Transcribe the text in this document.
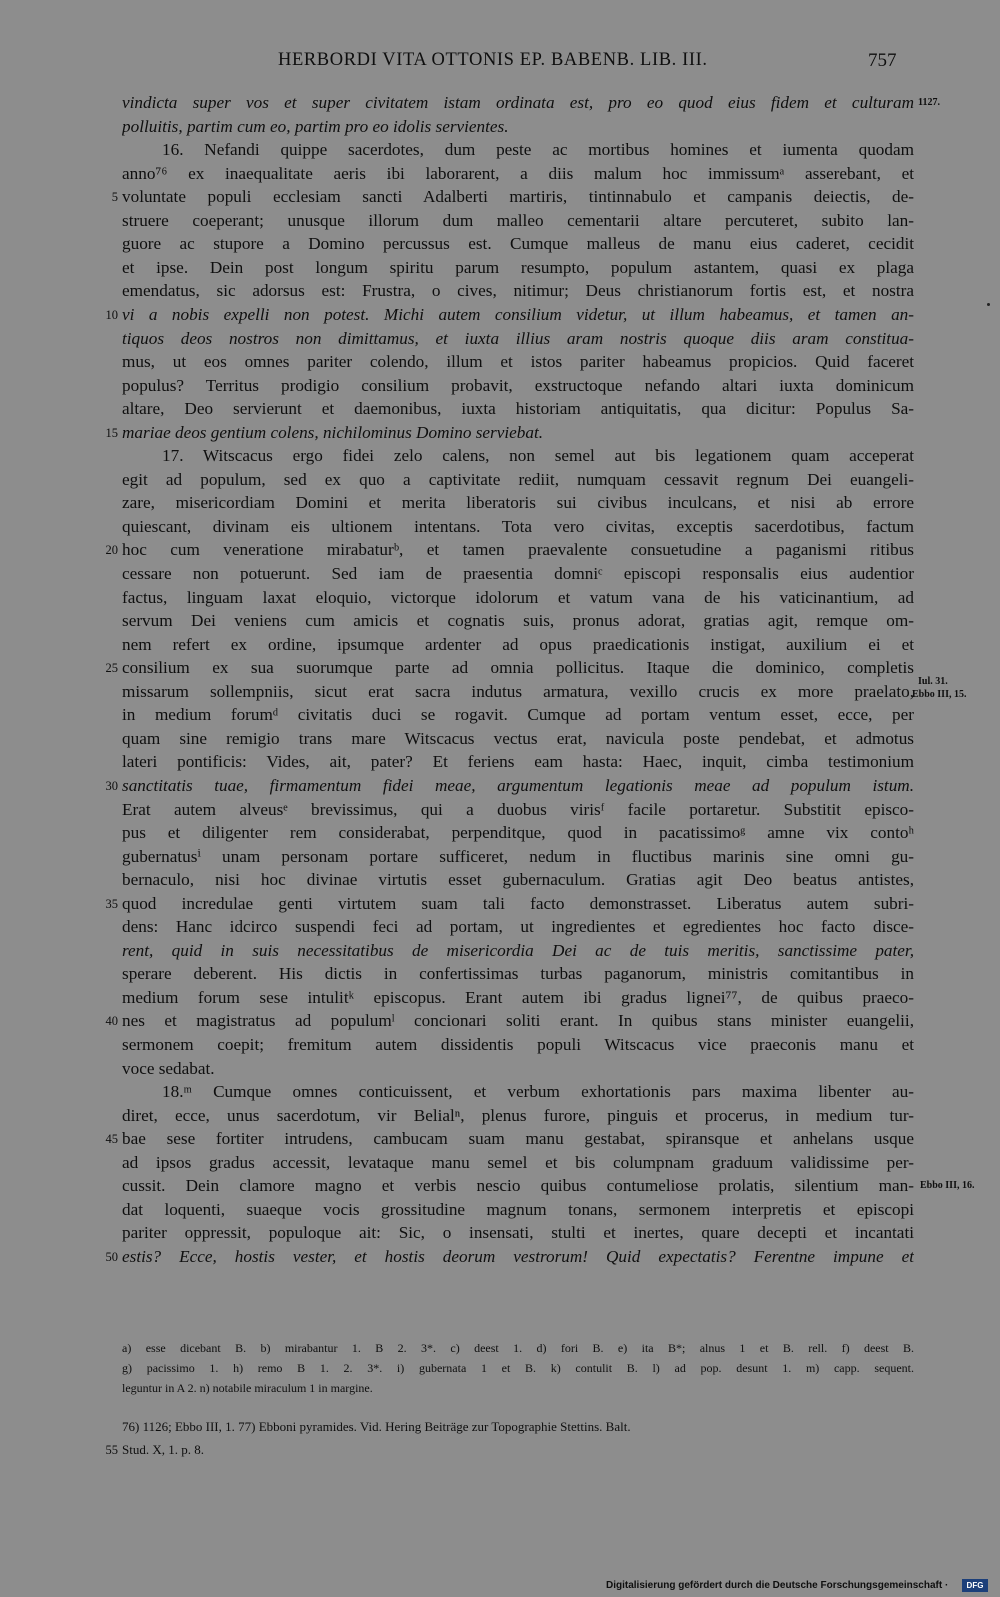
HERBORDI VITA OTTONIS EP. BABENB. LIB. III.	757
vindicta super vos et super civitatem istam ordinata est, pro eo quod eius fidem et culturam
polluitis, partim cum eo, partim pro eo idolis servientes.
16. Nefandi quippe sacerdotes, dum peste ac mortibus homines et iumenta quodam
anno⁷⁶ ex inaequalitate aeris ibi laborarent, a diis malum hoc immissumᵃ asserebant, et
voluntate populi ecclesiam sancti Adalberti martiris, tintinnabulo et campanis deiectis, de-
5
struere coeperant; unusque illorum dum malleo cementarii altare percuteret, subito lan-
guore ac stupore a Domino percussus est. Cumque malleus de manu eius caderet, cecidit
et ipse. Dein post longum spiritu parum resumpto, populum astantem, quasi ex plaga
emendatus, sic adorsus est: Frustra, o cives, nitimur; Deus christianorum fortis est, et nostra
vi a nobis expelli non potest. Michi autem consilium videtur, ut illum habeamus, et tamen an-
10
tiquos deos nostros non dimittamus, et iuxta illius aram nostris quoque diis aram constitua-
mus, ut eos omnes pariter colendo, illum et istos pariter habeamus propicios. Quid faceret
populus? Territus prodigio consilium probavit, exstructoque nefando altari iuxta dominicum
altare, Deo servierunt et daemonibus, iuxta historiam antiquitatis, qua dicitur: Populus Sa-
mariae deos gentium colens, nichilominus Domino serviebat.
15
17. Witscacus ergo fidei zelo calens, non semel aut bis legationem quam acceperat
egit ad populum, sed ex quo a captivitate rediit, numquam cessavit regnum Dei euangeli-
zare, misericordiam Domini et merita liberatoris sui civibus inculcans, et nisi ab errore
quiescant, divinam eis ultionem intentans. Tota vero civitas, exceptis sacerdotibus, factum
hoc cum veneratione mirabaturᵇ, et tamen praevalente consuetudine a paganismi ritibus
20
cessare non potuerunt. Sed iam de praesentia domniᶜ episcopi responsalis eius audentior
factus, linguam laxat eloquio, victorque idolorum et vatum vana de his vaticinantium, ad
servum Dei veniens cum amicis et cognatis suis, pronus adorat, gratias agit, remque om-
nem refert ex ordine, ipsumque ardenter ad opus praedicationis instigat, auxilium ei et
consilium ex sua suorumque parte ad omnia pollicitus. Itaque die dominico, completis
25
missarum sollempniis, sicut erat sacra indutus armatura, vexillo crucis ex more praelato,
in medium forumᵈ civitatis duci se rogavit. Cumque ad portam ventum esset, ecce, per
quam sine remigio trans mare Witscacus vectus erat, navicula poste pendebat, et admotus
lateri pontificis: Vides, ait, pater? Et feriens eam hasta: Haec, inquit, cimba testimonium
sanctitatis tuae, firmamentum fidei meae, argumentum legationis meae ad populum istum.
30
Erat autem alveusᵉ brevissimus, qui a duobus virisᶠ facile portaretur. Substitit episco-
pus et diligenter rem considerabat, perpenditque, quod in pacatissimoᵍ amne vix contoʰ
gubernatusⁱ unam personam portare sufficeret, nedum in fluctibus marinis sine omni gu-
bernaculo, nisi hoc divinae virtutis esset gubernaculum. Gratias agit Deo beatus antistes,
quod incredulae genti virtutem suam tali facto demonstrasset. Liberatus autem subri-
35
dens: Hanc idcirco suspendi feci ad portam, ut ingredientes et egredientes hoc facto disce-
rent, quid in suis necessitatibus de misericordia Dei ac de tuis meritis, sanctissime pater,
sperare deberent. His dictis in confertissimas turbas paganorum, ministris comitantibus in
medium forum sese intulitᵏ episcopus. Erant autem ibi gradus lignei⁷⁷, de quibus praeco-
nes et magistratus ad populumˡ concionari soliti erant. In quibus stans minister euangelii,
40
sermonem coepit; fremitum autem dissidentis populi Witscacus vice praeconis manu et
voce sedabat.
18.ᵐ Cumque omnes conticuissent, et verbum exhortationis pars maxima libenter au-
diret, ecce, unus sacerdotum, vir Belialⁿ, plenus furore, pinguis et procerus, in medium tur-
bae sese fortiter intrudens, cambucam suam manu gestabat, spiransque et anhelans usque
45
ad ipsos gradus accessit, levataque manu semel et bis columpnam graduum validissime per-
cussit. Dein clamore magno et verbis nescio quibus contumeliose prolatis, silentium man-
dat loquenti, suaeque vocis grossitudine magnum tonans, sermonem interpretis et episcopi
pariter oppressit, populoque ait: Sic, o insensati, stulti et inertes, quare decepti et incantati
estis? Ecce, hostis vester, et hostis deorum vestrorum! Quid expectatis? Ferentne impune et
50
1127.
Iul. 31.
Ebbo III, 15.
Ebbo III, 16.
a) esse dicebant B. b) mirabantur 1. B 2. 3*. c) deest 1. d) fori B. e) ita B*; alnus 1 et B. rell. f) deest B.
g) pacissimo 1. h) remo B 1. 2. 3*. i) gubernata 1 et B. k) contulit B. l) ad pop. desunt 1. m) capp. sequent.
leguntur in A 2. n) notabile miraculum 1 in margine.
76) 1126; Ebbo III, 1. 77) Ebboni pyramides. Vid. Hering Beiträge zur Topographie Stettins. Balt.
Stud. X, 1. p. 8.
55
Digitalisierung gefördert durch die Deutsche Forschungsgemeinschaft ·	DFG
